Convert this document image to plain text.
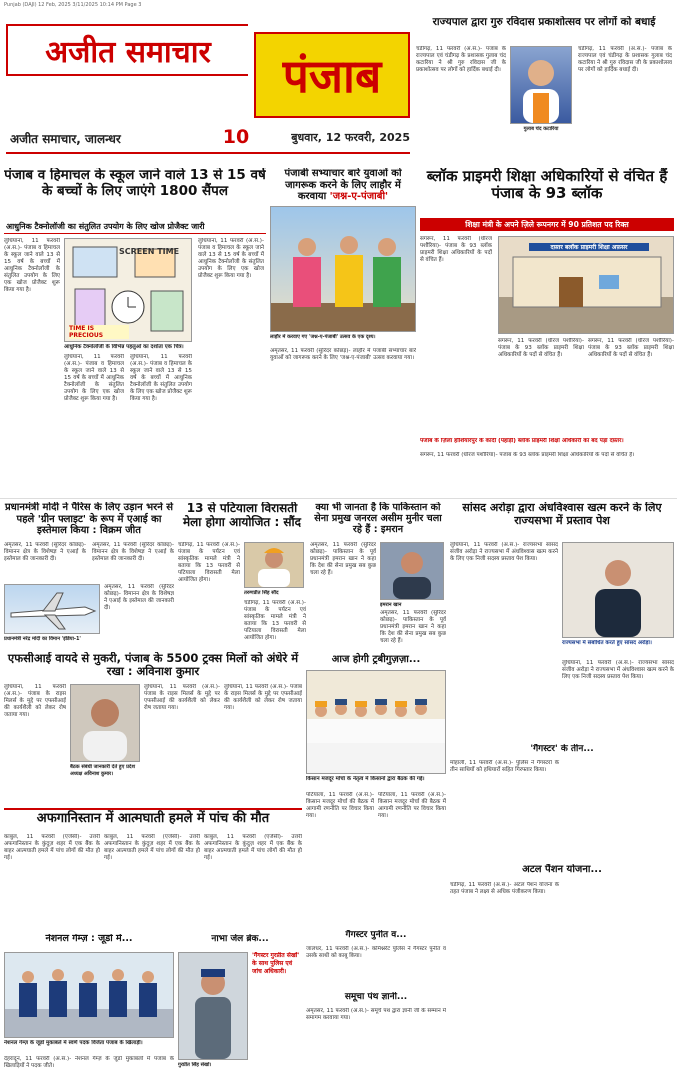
Punjab (DAJI) 12 Feb, 2025 3/11/2025 10:14 PM Page 3
अजीत समाचार पंजाब
10
अजीत समाचार, जालन्धर	बुधवार, 12 फरवरी, 2025
राज्यपाल द्वारा गुरु रविदास प्रकाशोत्सव पर लोगों को बधाई
गुलाब चंद कटारिया
चंडीगढ़, 11 फरवरी (अ.स.)- पंजाब के राज्यपाल एवं चंडीगढ़ के प्रशासक गुलाब चंद कटारिया ने श्री गुरु रविदास जी के प्रकाशोत्सव पर लोगों को हार्दिक बधाई दी।
चंडीगढ़, 11 फरवरी (अ.स.)- पंजाब के राज्यपाल एवं चंडीगढ़ के प्रशासक गुलाब चंद कटारिया ने श्री गुरु रविदास जी के प्रकाशोत्सव पर लोगों को हार्दिक बधाई दी।
पंजाब व हिमाचल के स्कूल जाने वाले 13 से 15 वर्ष के बच्चों के लिए जाएंगे 1800 सैंपल
आधुनिक टैक्नोलॉजी का संतुलित उपयोग के लिए खोज प्रोजैक्ट जारी
लुधियाना, 11 फरवरी (अ.स.)- पंजाब व हिमाचल के स्कूल जाने वाले 13 से 15 वर्ष के बच्चों में आधुनिक टैक्नोलॉजी के संतुलित उपयोग के लिए एक खोज प्रोजैक्ट शुरू किया गया है।
SCREEN TIME
TIME IS PRECIOUS
आधुनिक टैक्नोलॉजी के विभिन्न पहलुओं का दर्शाता एक चित्र।
लुधियाना, 11 फरवरी (अ.स.)- पंजाब व हिमाचल के स्कूल जाने वाले 13 से 15 वर्ष के बच्चों में आधुनिक टैक्नोलॉजी के संतुलित उपयोग के लिए एक खोज प्रोजैक्ट शुरू किया गया है।
लुधियाना, 11 फरवरी (अ.स.)- पंजाब व हिमाचल के स्कूल जाने वाले 13 से 15 वर्ष के बच्चों में आधुनिक टैक्नोलॉजी के संतुलित उपयोग के लिए एक खोज प्रोजैक्ट शुरू किया गया है।
लुधियाना, 11 फरवरी (अ.स.)- पंजाब व हिमाचल के स्कूल जाने वाले 13 से 15 वर्ष के बच्चों में आधुनिक टैक्नोलॉजी के संतुलित उपयोग के लिए एक खोज प्रोजैक्ट शुरू किया गया है।
पंजाबी सभ्याचार बारे युवाओं को जागरूक करने के लिए लाहौर में करवाया 'जश्न-ए-पंजाबी'
लाहौर में करवाए गए 'जश्न-ए-पंजाबी' उत्सव के एक दृश्य।
अमृतसर, 11 फरवरी (सुरिंदर कोछड़)- लाहौर में पंजाबी सभ्याचार बारे युवाओं को जागरूक करने के लिए 'जश्न-ए-पंजाबी' उत्सव करवाया गया।
ब्लॉक प्राइमरी शिक्षा अधिकारियों से वंचित हैं पंजाब के 93 ब्लॉक
शिक्षा मंत्री के अपने ज़िले रूपनगर में 90 प्रतिशत पद रिक्त
संगरूर, 11 फरवरी (धीरज पशौरिया)- पंजाब के 93 ब्लॉक प्राइमरी शिक्षा अधिकारियों के पदों से वंचित हैं।
दफ़्तर बलॉक प्राइमरी शिक्षा अफ़सर
पंजाब के ज़िला होशियारपुर के कांदी (पहाड़ी) ब्लॉक प्राइमरी शिक्षा अधिकारी का बंद पड़ा दफ़्तर।
संगरूर, 11 फरवरी (धीरज पशौरिया)- पंजाब के 93 ब्लॉक प्राइमरी शिक्षा अधिकारियों के पदों से वंचित हैं।
संगरूर, 11 फरवरी (धीरज पशौरिया)- पंजाब के 93 ब्लॉक प्राइमरी शिक्षा अधिकारियों के पदों से वंचित हैं।
संगरूर, 11 फरवरी (धीरज पशौरिया)- पंजाब के 93 ब्लॉक प्राइमरी शिक्षा अधिकारियों के पदों से वंचित हैं।
प्रधानमंत्री मोदी ने पैरिस के लिए उड़ान भरने से पहले 'ग्रीन फ्लाइट' के रूप में एआई का इस्तेमाल किया : विक्रम जीत
अमृतसर, 11 फरवरी (सुरिंदर कोछड़)- विमानन क्षेत्र के विशेषज्ञ ने एआई के इस्तेमाल की जानकारी दी।
अमृतसर, 11 फरवरी (सुरिंदर कोछड़)- विमानन क्षेत्र के विशेषज्ञ ने एआई के इस्तेमाल की जानकारी दी।
प्रधानमंत्री नरेंद्र मोदी का विमान 'इंडिया-1'
अमृतसर, 11 फरवरी (सुरिंदर कोछड़)- विमानन क्षेत्र के विशेषज्ञ ने एआई के इस्तेमाल की जानकारी दी।
13 से पटियाला विरासती मेला होगा आयोजित : सौंद
चंडीगढ़, 11 फरवरी (अ.स.)- पंजाब के पर्यटन एवं सांस्कृतिक मामले मंत्री ने बताया कि 13 फरवरी से पटियाला विरासती मेला आयोजित होगा।
तरुणप्रीत सिंह सौंद
चंडीगढ़, 11 फरवरी (अ.स.)- पंजाब के पर्यटन एवं सांस्कृतिक मामले मंत्री ने बताया कि 13 फरवरी से पटियाला विरासती मेला आयोजित होगा।
क्या भी जानता है कि पाकिस्तान को सेना प्रमुख जनरल असीम मुनीर चला रहे हैं : इमरान
अमृतसर, 11 फरवरी (सुरिंदर कोछड़)- पाकिस्तान के पूर्व प्रधानमंत्री इमरान खान ने कहा कि देश की सेना प्रमुख सब कुछ चला रहे हैं।
इमरान खान
अमृतसर, 11 फरवरी (सुरिंदर कोछड़)- पाकिस्तान के पूर्व प्रधानमंत्री इमरान खान ने कहा कि देश की सेना प्रमुख सब कुछ चला रहे हैं।
सांसद अरोड़ा द्वारा अंधविश्वास खत्म करने के लिए राज्यसभा में प्रस्ताव पेश
लुधियाना, 11 फरवरी (अ.स.)- राज्यसभा सांसद संजीव अरोड़ा ने राज्यसभा में अंधविश्वास खत्म करने के लिए एक निजी सदस्य प्रस्ताव पेश किया।
राज्यसभा में संबोधित करते हुए सांसद अरोड़ा।
लुधियाना, 11 फरवरी (अ.स.)- राज्यसभा सांसद संजीव अरोड़ा ने राज्यसभा में अंधविश्वास खत्म करने के लिए एक निजी सदस्य प्रस्ताव पेश किया।
एफसीआई वायदे से मुकरी, पंजाब के 5500 ट्रक्स मिलों को अंधेरे में रखा : अविनाश कुमार
लुधियाना, 11 फरवरी (अ.स.)- पंजाब के राइस मिलर्स के मुद्दे पर एफसीआई की कार्यशैली को लेकर रोष जताया गया।
बैठक संबंधी जानकारी देते हुए प्रदेश अध्यक्ष अविनाश कुमार।
लुधियाना, 11 फरवरी (अ.स.)- पंजाब के राइस मिलर्स के मुद्दे पर एफसीआई की कार्यशैली को लेकर रोष जताया गया।
लुधियाना, 11 फरवरी (अ.स.)- पंजाब के राइस मिलर्स के मुद्दे पर एफसीआई की कार्यशैली को लेकर रोष जताया गया।
आज होगी ट्रबीगुज़ज़ा...
किसान मजदूर मोर्चा के नेतृत्व में किसानों द्वारा बैठक की गई।
पटियाला, 11 फरवरी (अ.स.)- किसान मजदूर मोर्चा की बैठक में आगामी रणनीति पर विचार किया गया।
पटियाला, 11 फरवरी (अ.स.)- किसान मजदूर मोर्चा की बैठक में आगामी रणनीति पर विचार किया गया।
'गैंगस्टर' के तीन...
मोहाली, 11 फरवरी (अ.स.)- पुलिस ने गैंगस्टरों के तीन साथियों को हथियारों सहित गिरफ्तार किया।
अफगानिस्तान में आत्मघाती हमले में पांच की मौत
काबुल, 11 फरवरी (एजेंसी)- उत्तरी अफगानिस्तान के कुंदुज़ शहर में एक बैंक के बाहर आत्मघाती हमले में पांच लोगों की मौत हो गई।
काबुल, 11 फरवरी (एजेंसी)- उत्तरी अफगानिस्तान के कुंदुज़ शहर में एक बैंक के बाहर आत्मघाती हमले में पांच लोगों की मौत हो गई।
काबुल, 11 फरवरी (एजेंसी)- उत्तरी अफगानिस्तान के कुंदुज़ शहर में एक बैंक के बाहर आत्मघाती हमले में पांच लोगों की मौत हो गई।
गैंगस्टर पुनीत व...
जालंधर, 11 फरवरी (अ.स.)- कमिश्नरेट पुलिस ने गैंगस्टर पुनीत व उसके साथी को काबू किया।
अटल पैंशन योजना...
चंडीगढ़, 11 फरवरी (अ.स.)- अटल पैंशन योजना के तहत पंजाब ने लक्ष्य से अधिक पंजीकरण किया।
नेशनल गेम्ज़ : जूडो में...
नेशनल गेम्ज़ के जूडो मुकाबले में स्वर्ण पदक विजेता पंजाब के खिलाड़ी।
देहरादून, 11 फरवरी (अ.स.)- नेशनल गेम्ज़ के जूडो मुकाबलों में पंजाब के खिलाड़ियों ने पदक जीते।
नाभा जेल ब्रेक...
गुरप्रीत सिंह सेखों।
'गैंगस्टर गुरप्रीत सेखों' के साथ पुलिस एवं जांच अधिकारी।
समूचा पंथ ज्ञानी...
अमृतसर, 11 फरवरी (अ.स.)- समूचे पंथ द्वारा ज्ञानी जी के सम्मान में समागम करवाया गया।
